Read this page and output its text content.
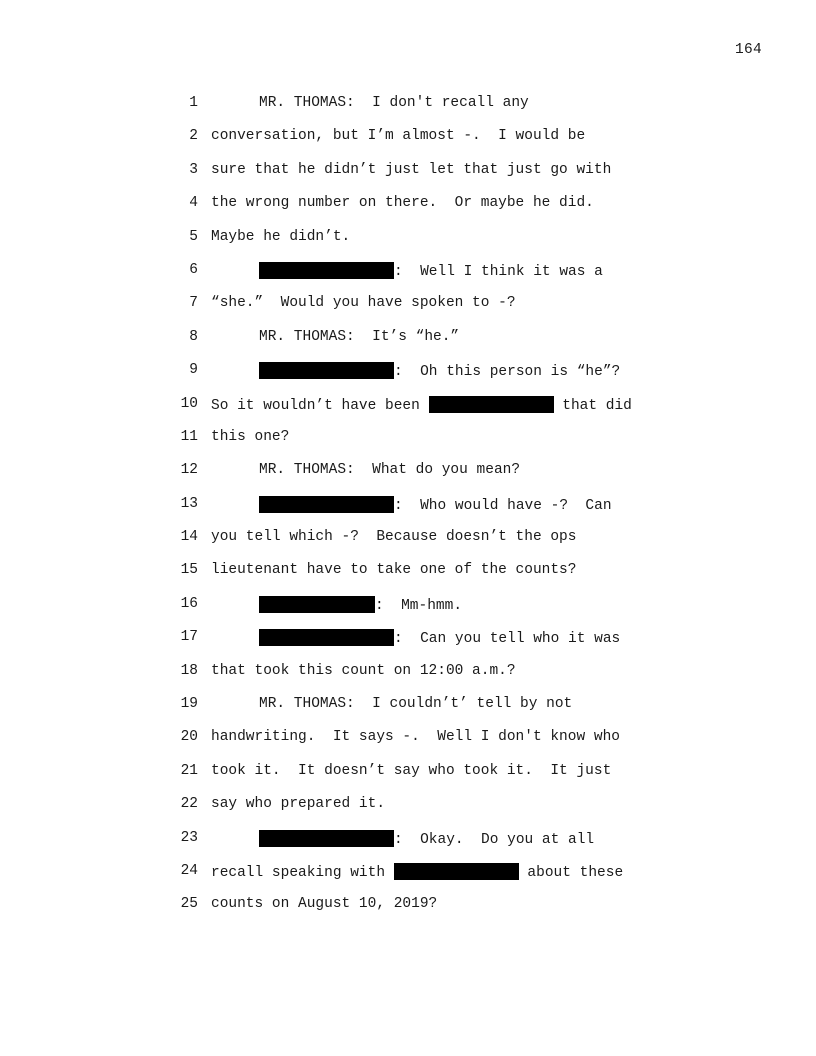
164
1	MR. THOMAS:  I don't recall any
2 conversation, but I’m almost -.  I would be
3 sure that he didn’t just let that just go with
4 the wrong number on there.  Or maybe he did.
5 Maybe he didn’t.
6	:  Well I think it was a
7 “she.”  Would you have spoken to -?
8	MR. THOMAS:  It’s “he.”
9	:  Oh this person is “he”?
10 So it wouldn’t have been	that did
11 this one?
12	MR. THOMAS:  What do you mean?
13	:  Who would have -?  Can
14 you tell which -?  Because doesn’t the ops
15 lieutenant have to take one of the counts?
16	:  Mm-hmm.
17	:  Can you tell who it was
18 that took this count on 12:00 a.m.?
19	MR. THOMAS:  I couldn’t’ tell by not
20 handwriting.  It says -.  Well I don't know who
21 took it.  It doesn’t say who took it.  It just
22 say who prepared it.
23	:  Okay.  Do you at all
24 recall speaking with	about these
25 counts on August 10, 2019?
